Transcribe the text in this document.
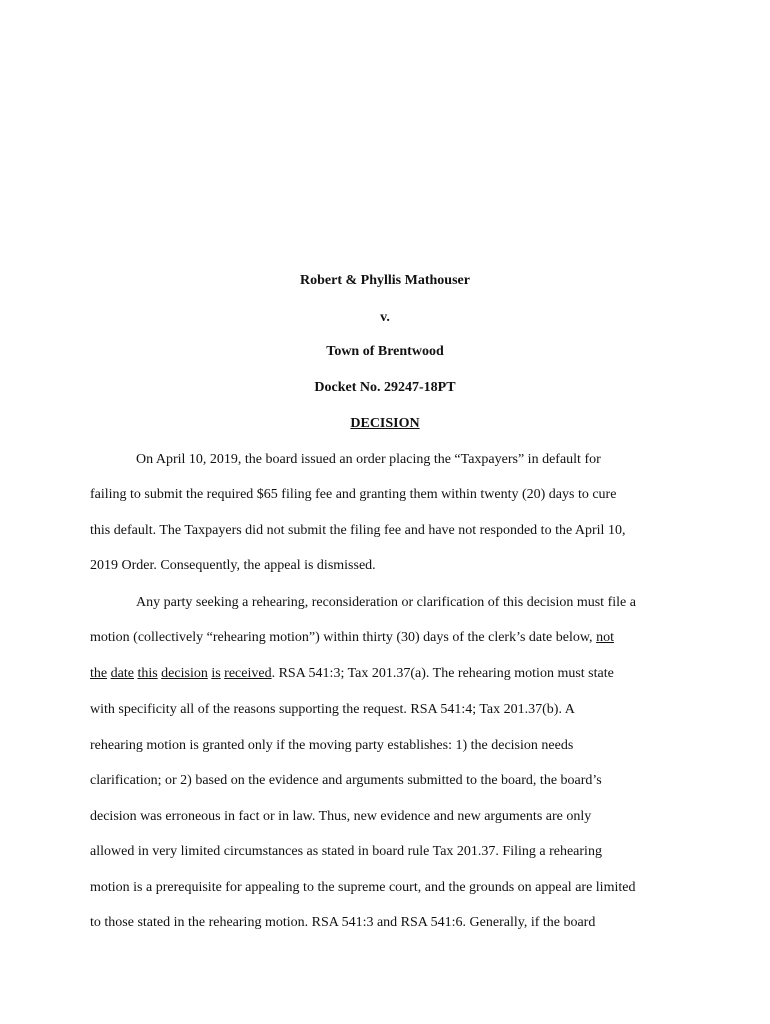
Robert & Phyllis Mathouser
v.
Town of Brentwood
Docket No. 29247-18PT
DECISION
On April 10, 2019, the board issued an order placing the “Taxpayers” in default for
failing to submit the required $65 filing fee and granting them within twenty (20) days to cure
this default. The Taxpayers did not submit the filing fee and have not responded to the April 10,
2019 Order. Consequently, the appeal is dismissed.
Any party seeking a rehearing, reconsideration or clarification of this decision must file a
motion (collectively “rehearing motion”) within thirty (30) days of the clerk’s date below, not
the date this decision is received. RSA 541:3; Tax 201.37(a). The rehearing motion must state
with specificity all of the reasons supporting the request. RSA 541:4; Tax 201.37(b). A
rehearing motion is granted only if the moving party establishes: 1) the decision needs
clarification; or 2) based on the evidence and arguments submitted to the board, the board’s
decision was erroneous in fact or in law. Thus, new evidence and new arguments are only
allowed in very limited circumstances as stated in board rule Tax 201.37. Filing a rehearing
motion is a prerequisite for appealing to the supreme court, and the grounds on appeal are limited
to those stated in the rehearing motion. RSA 541:3 and RSA 541:6. Generally, if the board
